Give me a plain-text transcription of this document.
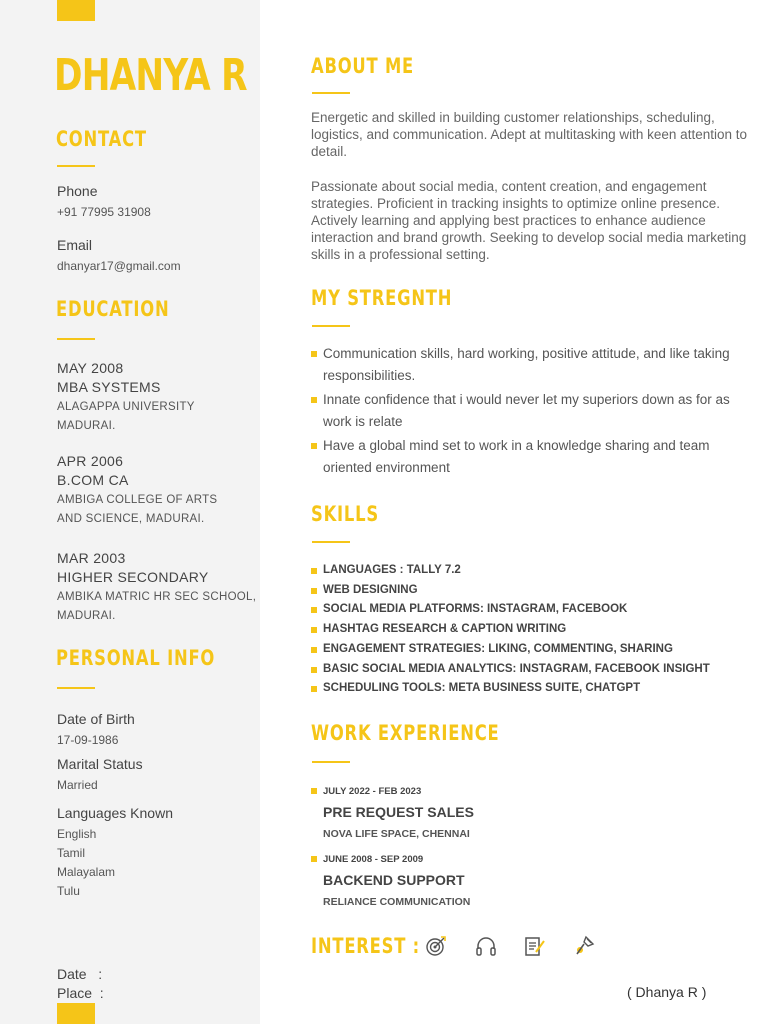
DHANYA R
CONTACT
Phone
+91 77995 31908
Email
dhanyar17@gmail.com
EDUCATION
MAY 2008
MBA SYSTEMS
ALAGAPPA UNIVERSITY
MADURAI.
APR 2006
B.COM CA
AMBIGA COLLEGE OF ARTS
AND SCIENCE, MADURAI.
MAR 2003
HIGHER SECONDARY
AMBIKA MATRIC HR SEC SCHOOL,
MADURAI.
PERSONAL INFO
Date of Birth
17-09-1986
Marital Status
Married
Languages Known
English
Tamil
Malayalam
Tulu
Date   :
Place  :
ABOUT ME
Energetic and skilled in building customer relationships, scheduling, logistics, and communication. Adept at multitasking with keen attention to detail.
Passionate about social media, content creation, and engagement strategies. Proficient in tracking insights to optimize online presence. Actively learning and applying best practices to enhance audience interaction and brand growth. Seeking to develop social media marketing skills in a professional setting.
MY STREGNTH
Communication skills, hard working, positive attitude, and like taking responsibilities.
Innate confidence that i would never let my superiors down as for as work is relate
Have a global mind set to work in a knowledge sharing and team oriented environment
SKILLS
LANGUAGES : TALLY 7.2
WEB DESIGNING
SOCIAL MEDIA PLATFORMS: INSTAGRAM, FACEBOOK
HASHTAG RESEARCH & CAPTION WRITING
ENGAGEMENT STRATEGIES: LIKING, COMMENTING, SHARING
BASIC SOCIAL MEDIA ANALYTICS: INSTAGRAM, FACEBOOK INSIGHT
SCHEDULING TOOLS: META BUSINESS SUITE, CHATGPT
WORK EXPERIENCE
JULY 2022 - FEB 2023
PRE REQUEST SALES
NOVA LIFE SPACE, CHENNAI
JUNE 2008 - SEP 2009
BACKEND SUPPORT
RELIANCE COMMUNICATION
INTEREST :
( Dhanya R )
